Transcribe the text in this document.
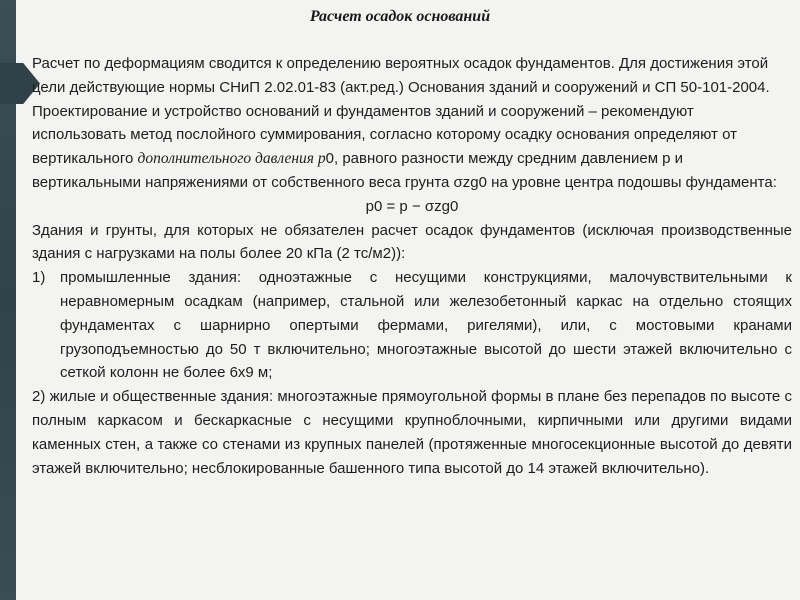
Расчет осадок оснований

Расчет по деформациям сводится к определению вероятных осадок фундаментов. Для достижения этой цели действующие нормы СНиП 2.02.01-83 (акт.ред.) Основания зданий и сооружений и СП 50-101-2004. Проектирование и устройство оснований и фундаментов зданий и сооружений – рекомендуют использовать метод послойного суммирования, согласно которому осадку основания определяют от вертикального дополнительного давления р0, равного разности между средним давлением р и вертикальными напряжениями от собственного веса грунта σzg0 на уровне центра подошвы фундамента:

p0 = p − σzg0

Здания и грунты, для которых не обязателен расчет осадок фундаментов (исключая производственные здания с нагрузками на полы более 20 кПа (2 тс/м2)):

1) промышленные здания: одноэтажные с несущими конструкциями, малочувствительными к неравномерным осадкам (например, стальной или железобетонный каркас на отдельно стоящих фундаментах с шарнирно опертыми фермами, ригелями), или, с мостовыми кранами грузоподъемностью до 50 т включительно; многоэтажные высотой до шести этажей включительно с сеткой колонн не более 6х9 м;

2) жилые и общественные здания: многоэтажные прямоугольной формы в плане без перепадов по высоте с полным каркасом и бескаркасные с несущими крупноблочными, кирпичными или другими видами каменных стен, а также со стенами из крупных панелей (протяженные многосекционные высотой до девяти этажей включительно; несблокированные башенного типа высотой до 14 этажей включительно).
